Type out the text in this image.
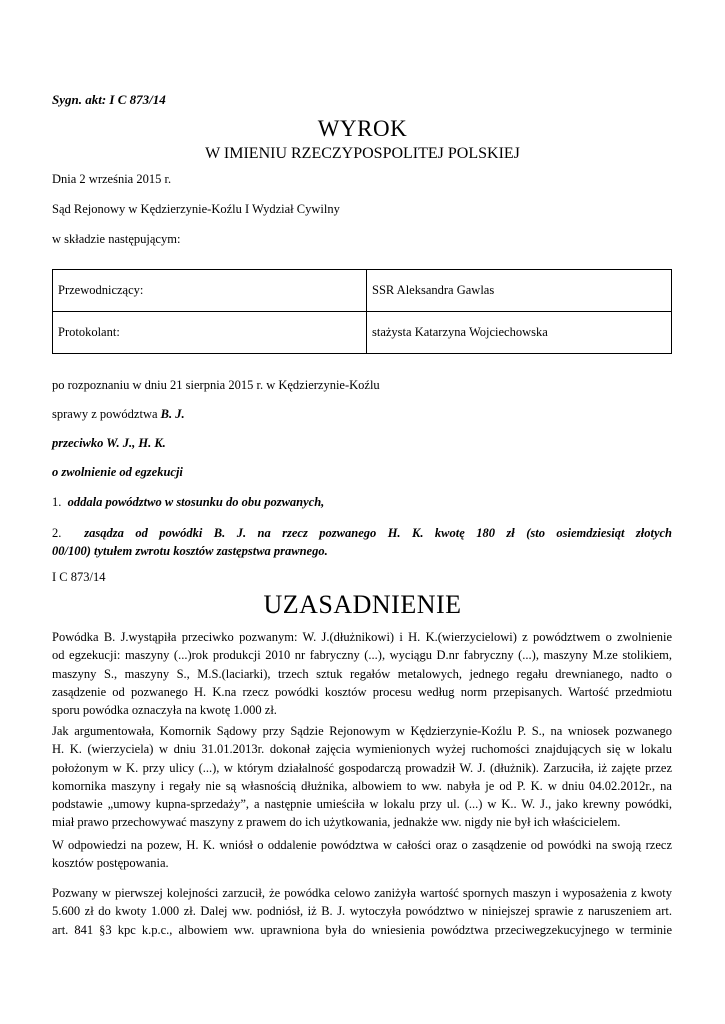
Sygn. akt: I C 873/14
WYROK
W IMIENIU RZECZYPOSPOLITEJ POLSKIEJ
Dnia 2 września 2015 r.
Sąd Rejonowy w Kędzierzynie-Koźlu I Wydział Cywilny
w składzie następującym:
Przewodniczący:	SSR Aleksandra Gawlas
Protokolant:	stażysta Katarzyna Wojciechowska
po rozpoznaniu w dniu 21 sierpnia 2015 r. w Kędzierzynie-Koźlu
sprawy z powództwa B. J.
przeciwko W. J., H. K.
o zwolnienie od egzekucji
1. oddala powództwo w stosunku do obu pozwanych,
2. zasądza od powódki B. J. na rzecz pozwanego H. K. kwotę 180 zł (sto osiemdziesiąt złotych
00/100) tytułem zwrotu kosztów zastępstwa prawnego.
I C 873/14
UZASADNIENIE
Powódka B. J.wystąpiła przeciwko pozwanym: W. J.(dłużnikowi) i H. K.(wierzycielowi) z powództwem o zwolnienie
od egzekucji: maszyny (...)rok produkcji 2010 nr fabryczny (...), wyciągu D.nr fabryczny (...), maszyny M.ze stolikiem,
maszyny S., maszyny S., M.S.(laciarki), trzech sztuk regałów metalowych, jednego regału drewnianego, nadto o
zasądzenie od pozwanego H. K.na rzecz powódki kosztów procesu według norm przepisanych. Wartość przedmiotu
sporu powódka oznaczyła na kwotę 1.000 zł.
Jak argumentowała, Komornik Sądowy przy Sądzie Rejonowym w Kędzierzynie-Koźlu P. S., na wniosek pozwanego
H. K. (wierzyciela) w dniu 31.01.2013r. dokonał zajęcia wymienionych wyżej ruchomości znajdujących się w lokalu
położonym w K. przy ulicy (...), w którym działalność gospodarczą prowadził W. J. (dłużnik). Zarzuciła, iż zajęte przez
komornika maszyny i regały nie są własnością dłużnika, albowiem to ww. nabyła je od P. K. w dniu 04.02.2012r., na
podstawie „umowy kupna-sprzedaży”, a następnie umieściła w lokalu przy ul. (...) w K.. W. J., jako krewny powódki,
miał prawo przechowywać maszyny z prawem do ich użytkowania, jednakże ww. nigdy nie był ich właścicielem.
W odpowiedzi na pozew, H. K. wniósł o oddalenie powództwa w całości oraz o zasądzenie od powódki na swoją rzecz
kosztów postępowania.
Pozwany w pierwszej kolejności zarzucił, że powódka celowo zaniżyła wartość spornych maszyn i wyposażenia z kwoty
5.600 zł do kwoty 1.000 zł. Dalej ww. podniósł, iż B. J. wytoczyła powództwo w niniejszej sprawie z naruszeniem art.
art. 841 §3 kpc k.p.c., albowiem ww. uprawniona była do wniesienia powództwa przeciwegzekucyjnego w terminie
